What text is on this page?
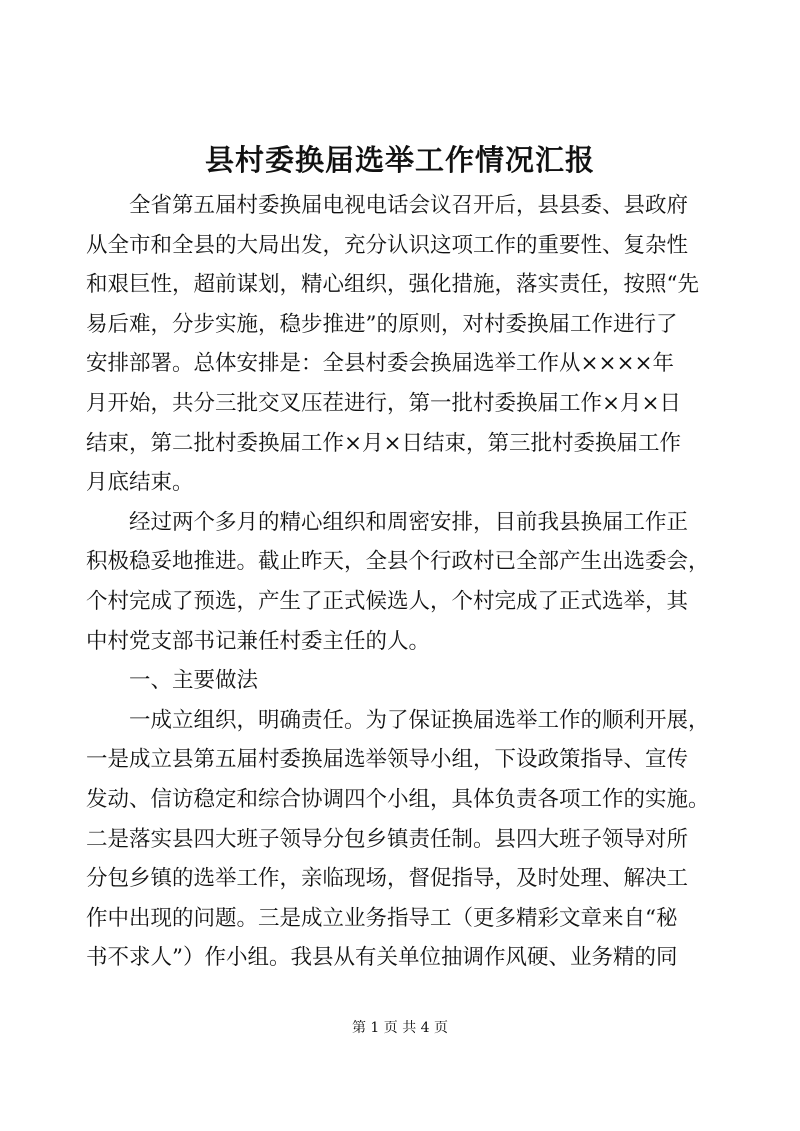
县村委换届选举工作情况汇报
　　全省第五届村委换届电视电话会议召开后，县县委、县政府
从全市和全县的大局出发，充分认识这项工作的重要性、复杂性
和艰巨性，超前谋划，精心组织，强化措施，落实责任，按照“先
易后难，分步实施，稳步推进”的原则，对村委换届工作进行了
安排部署。总体安排是：全县村委会换届选举工作从××××年
月开始，共分三批交叉压茬进行，第一批村委换届工作×月×日
结束，第二批村委换届工作×月×日结束，第三批村委换届工作
月底结束。
　　经过两个多月的精心组织和周密安排，目前我县换届工作正
积极稳妥地推进。截止昨天，全县个行政村已全部产生出选委会，
个村完成了预选，产生了正式候选人，个村完成了正式选举，其
中村党支部书记兼任村委主任的人。
　　一、主要做法
　　一成立组织，明确责任。为了保证换届选举工作的顺利开展，
一是成立县第五届村委换届选举领导小组，下设政策指导、宣传
发动、信访稳定和综合协调四个小组，具体负责各项工作的实施。
二是落实县四大班子领导分包乡镇责任制。县四大班子领导对所
分包乡镇的选举工作，亲临现场，督促指导，及时处理、解决工
作中出现的问题。三是成立业务指导工（更多精彩文章来自“秘
书不求人”）作小组。我县从有关单位抽调作风硬、业务精的同
第 1 页 共 4 页
